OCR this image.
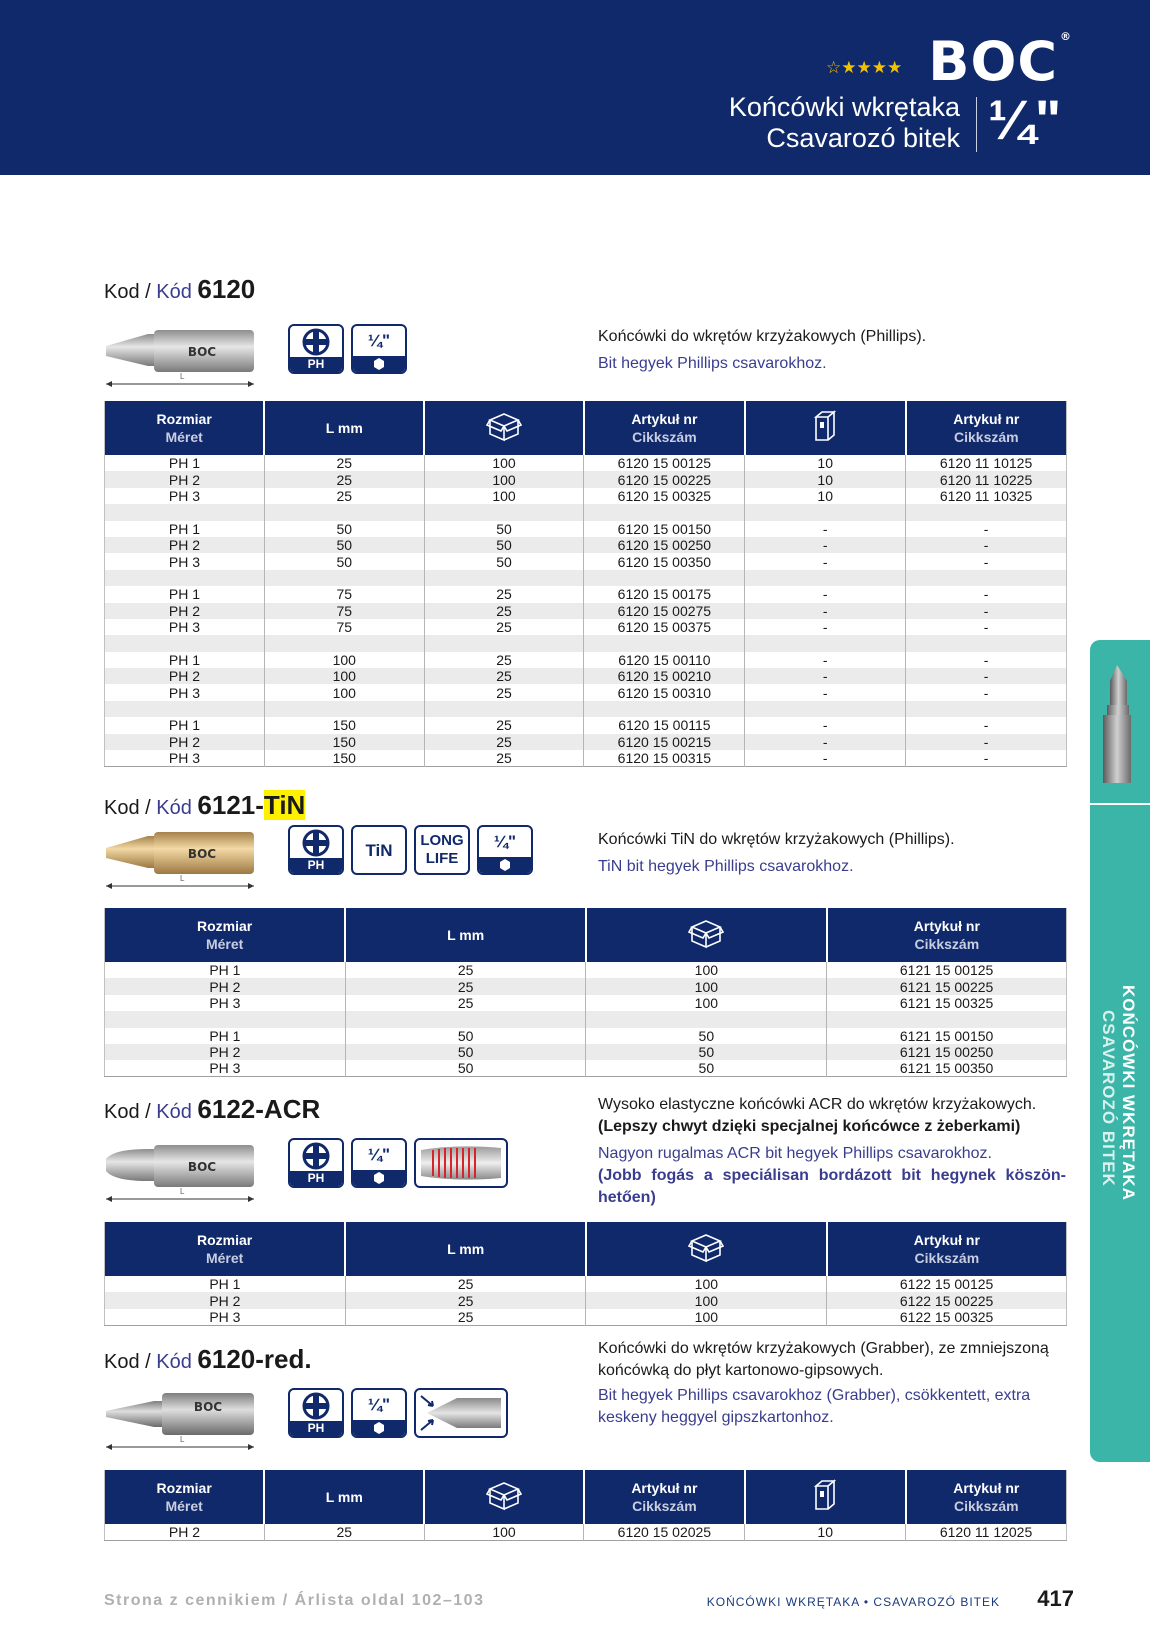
☆★★★★ BOC ®
Końcówki wkrętaka
Csavarozó bitek ¼"
KOŃCÓWKI WKRĘTAKA
CSAVAROZÓ BITEK
Kod / Kód 6120
BOC
L
PH
¼"	Końcówki do wkrętów krzyżakowych (Phillips).
Bit hegyek Phillips csavarokhoz.
Rozmiar
Méret	L mm		Artykuł nr
Cikkszám		Artykuł nr
Cikkszám
PH 1	25	100	6120 15 00125	10	6120 11 10125
PH 2	25	100	6120 15 00225	10	6120 11 10225
PH 3	25	100	6120 15 00325	10	6120 11 10325

PH 1	50	50	6120 15 00150	-	-
PH 2	50	50	6120 15 00250	-	-
PH 3	50	50	6120 15 00350	-	-

PH 1	75	25	6120 15 00175	-	-
PH 2	75	25	6120 15 00275	-	-
PH 3	75	25	6120 15 00375	-	-

PH 1	100	25	6120 15 00110	-	-
PH 2	100	25	6120 15 00210	-	-
PH 3	100	25	6120 15 00310	-	-

PH 1	150	25	6120 15 00115	-	-
PH 2	150	25	6120 15 00215	-	-
PH 3	150	25	6120 15 00315	-	-
Kod / Kód 6121-TiN
BOC
L
PH
TiN	LONG
LIFE
¼"	Końcówki TiN do wkrętów krzyżakowych (Phillips).
TiN bit hegyek Phillips csavarokhoz.
Rozmiar
Méret	L mm		Artykuł nr
Cikkszám
PH 1	25	100	6121 15 00125
PH 2	25	100	6121 15 00225
PH 3	25	100	6121 15 00325

PH 1	50	50	6121 15 00150
PH 2	50	50	6121 15 00250
PH 3	50	50	6121 15 00350
Kod / Kód 6122-ACR
BOC
L
PH
¼"
Wysoko elastyczne końcówki ACR do wkrętów krzyżakowych.
(Lepszy chwyt dzięki specjalnej końcówce z żeberkami)
Nagyon rugalmas ACR bit hegyek Phillips csavarokhoz.
(Jobb fogás a speciálisan bordázott bit hegynek köszönhetően)
Rozmiar
Méret	L mm		Artykuł nr
Cikkszám
PH 1	25	100	6122 15 00125
PH 2	25	100	6122 15 00225
PH 3	25	100	6122 15 00325
Kod / Kód 6120-red.
BOC
L
PH
¼"
Końcówki do wkrętów krzyżakowych (Grabber), ze zmniejszoną końcówką do płyt kartonowo-gipsowych.
Bit hegyek Phillips csavarokhoz (Grabber), csökkentett, extra keskeny heggyel gipszkartonhoz.
Rozmiar
Méret	L mm		Artykuł nr
Cikkszám		Artykuł nr
Cikkszám
PH 2	25	100	6120 15 02025	10	6120 11 12025
Strona z cennikiem / Árlista oldal 102–103	KOŃCÓWKI WKRĘTAKA • CSAVAROZÓ BITEK 417
